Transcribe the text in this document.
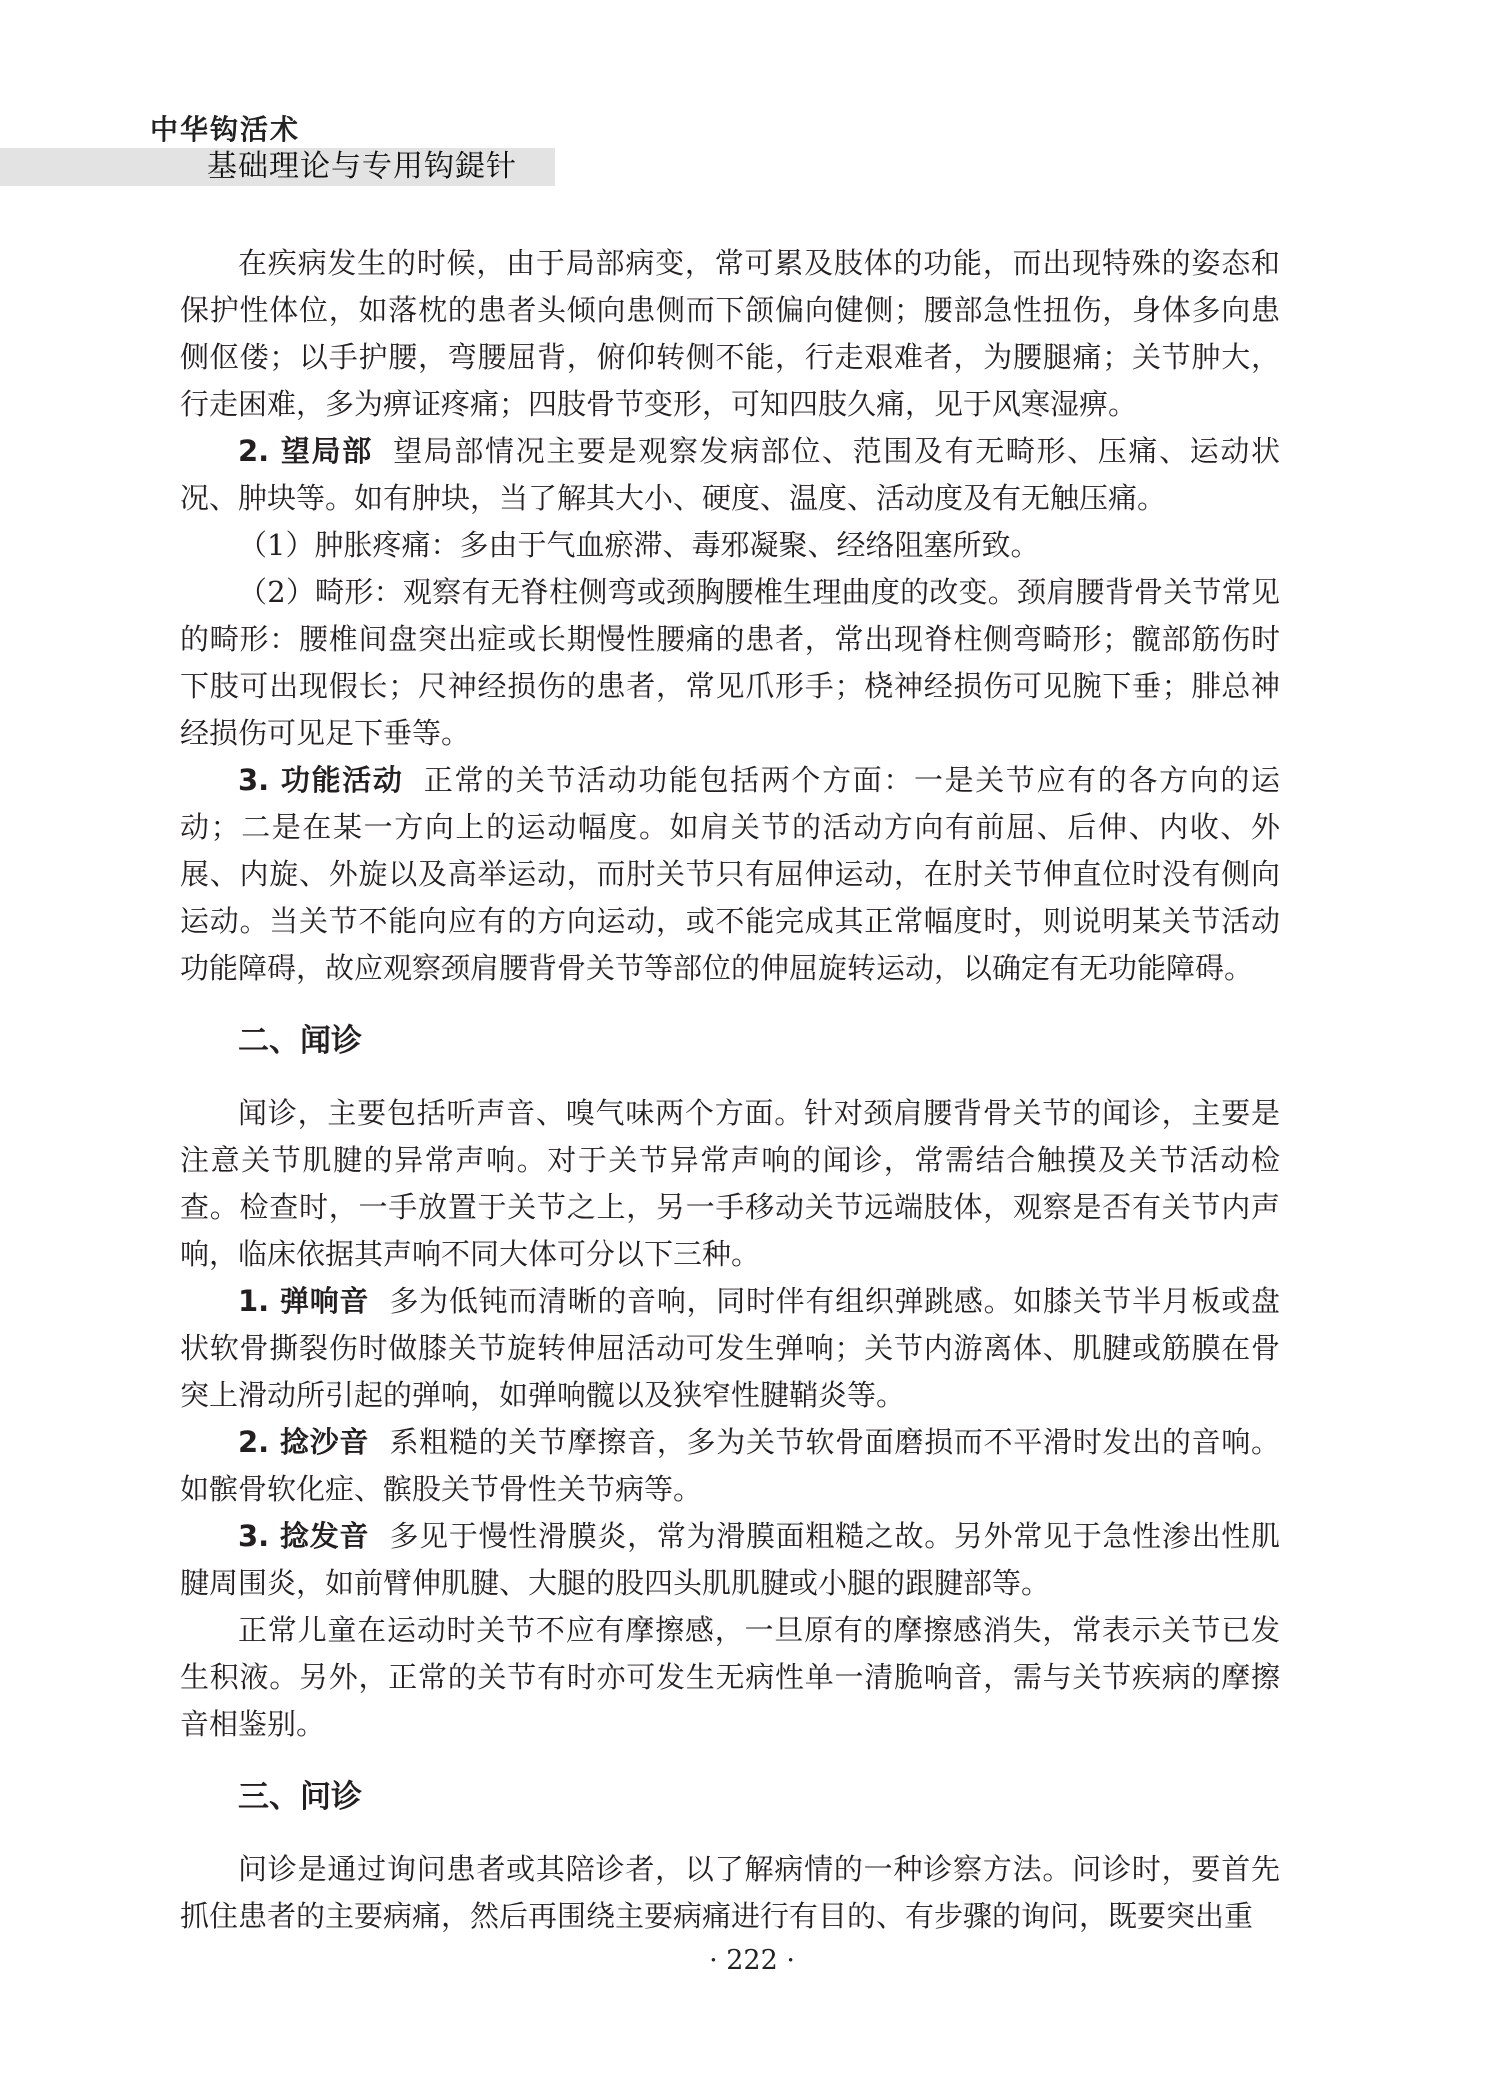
中华钩活术
基础理论与专用钩鍉针

在疾病发生的时候，由于局部病变，常可累及肢体的功能，而出现特殊的姿态和保护性体位，如落枕的患者头倾向患侧而下颌偏向健侧；腰部急性扭伤，身体多向患侧伛偻；以手护腰，弯腰屈背，俯仰转侧不能，行走艰难者，为腰腿痛；关节肿大，行走困难，多为痹证疼痛；四肢骨节变形，可知四肢久痛，见于风寒湿痹。

2. 望局部 望局部情况主要是观察发病部位、范围及有无畸形、压痛、运动状况、肿块等。如有肿块，当了解其大小、硬度、温度、活动度及有无触压痛。

（1）肿胀疼痛：多由于气血瘀滞、毒邪凝聚、经络阻塞所致。

（2）畸形：观察有无脊柱侧弯或颈胸腰椎生理曲度的改变。颈肩腰背骨关节常见的畸形：腰椎间盘突出症或长期慢性腰痛的患者，常出现脊柱侧弯畸形；髋部筋伤时下肢可出现假长；尺神经损伤的患者，常见爪形手；桡神经损伤可见腕下垂；腓总神经损伤可见足下垂等。

3. 功能活动 正常的关节活动功能包括两个方面：一是关节应有的各方向的运动；二是在某一方向上的运动幅度。如肩关节的活动方向有前屈、后伸、内收、外展、内旋、外旋以及高举运动，而肘关节只有屈伸运动，在肘关节伸直位时没有侧向运动。当关节不能向应有的方向运动，或不能完成其正常幅度时，则说明某关节活动功能障碍，故应观察颈肩腰背骨关节等部位的伸屈旋转运动，以确定有无功能障碍。

二、闻诊

闻诊，主要包括听声音、嗅气味两个方面。针对颈肩腰背骨关节的闻诊，主要是注意关节肌腱的异常声响。对于关节异常声响的闻诊，常需结合触摸及关节活动检查。检查时，一手放置于关节之上，另一手移动关节远端肢体，观察是否有关节内声响，临床依据其声响不同大体可分以下三种。

1. 弹响音 多为低钝而清晰的音响，同时伴有组织弹跳感。如膝关节半月板或盘状软骨撕裂伤时做膝关节旋转伸屈活动可发生弹响；关节内游离体、肌腱或筋膜在骨突上滑动所引起的弹响，如弹响髋以及狭窄性腱鞘炎等。

2. 捻沙音 系粗糙的关节摩擦音，多为关节软骨面磨损而不平滑时发出的音响。如髌骨软化症、髌股关节骨性关节病等。

3. 捻发音 多见于慢性滑膜炎，常为滑膜面粗糙之故。另外常见于急性渗出性肌腱周围炎，如前臂伸肌腱、大腿的股四头肌肌腱或小腿的跟腱部等。

正常儿童在运动时关节不应有摩擦感，一旦原有的摩擦感消失，常表示关节已发生积液。另外，正常的关节有时亦可发生无病性单一清脆响音，需与关节疾病的摩擦音相鉴别。

三、问诊

问诊是通过询问患者或其陪诊者，以了解病情的一种诊察方法。问诊时，要首先抓住患者的主要病痛，然后再围绕主要病痛进行有目的、有步骤的询问，既要突出重

· 222 ·
